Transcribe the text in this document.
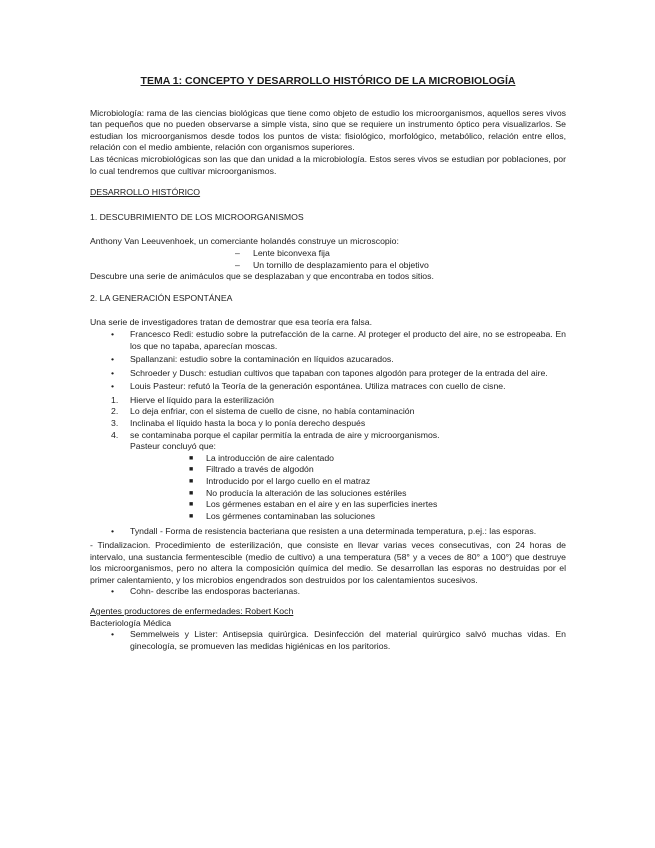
TEMA 1: CONCEPTO Y DESARROLLO HISTÓRICO DE LA MICROBIOLOGÍA

Microbiología: rama de las ciencias biológicas que tiene como objeto de estudio los microorganismos, aquellos seres vivos tan pequeños que no pueden observarse a simple vista, sino que se requiere un instrumento óptico pera visualizarlos. Se estudian los microorganismos desde todos los puntos de vista: fisiológico, morfológico, metabólico, relación entre ellos, relación con el medio ambiente, relación con organismos superiores.

Las técnicas microbiológicas son las que dan unidad a la microbiología. Estos seres vivos se estudian por poblaciones, por lo cual tendremos que cultivar microorganismos.

DESARROLLO HISTÓRICO

1. DESCUBRIMIENTO DE LOS MICROORGANISMOS

Anthony Van Leeuvenhoek, un comerciante holandés construye un microscopio:

– Lente biconvexa fija
– Un tornillo de desplazamiento para el objetivo

Descubre una serie de animáculos que se desplazaban y que encontraba en todos sitios.

2. LA GENERACIÓN ESPONTÁNEA

Una serie de investigadores tratan de demostrar que esa teoría era falsa.

• Francesco Redi: estudio sobre la putrefacción de la carne. Al proteger el producto del aire, no se estropeaba. En los que no tapaba, aparecían moscas.
• Spallanzani: estudio sobre la contaminación en líquidos azucarados.
• Schroeder y Dusch: estudian cultivos que tapaban con tapones algodón para proteger de la entrada del aire.
• Louis Pasteur: refutó la Teoría de la generación espontánea. Utiliza matraces con cuello de cisne.
1. Hierve el líquido para la esterilización
2. Lo deja enfriar, con el sistema de cuello de cisne, no había contaminación
3. Inclinaba el líquido hasta la boca y lo ponía derecho después
4. se contaminaba porque el capilar permitía la entrada de aire y microorganismos.

Pasteur concluyó que:

■ La introducción de aire calentado
■ Filtrado a través de algodón
■ Introducido por el largo cuello en el matraz
■ No producía la alteración de las soluciones estériles
■ Los gérmenes estaban en el aire y en las superficies inertes
■ Los gérmenes contaminaban las soluciones
• Tyndall - Forma de resistencia bacteriana que resisten a una determinada temperatura, p.ej.: las esporas.

- Tindalizacion. Procedimiento de esterilización, que consiste en llevar varias veces consecutivas, con 24 horas de intervalo, una sustancia fermentescible (medio de cultivo) a una temperatura (58° y a veces de 80° a 100°) que destruye los microorganismos, pero no altera la composición química del medio. Se desarrollan las esporas no destruidas por el primer calentamiento, y los microbios engendrados son destruidos por los calentamientos sucesivos.

• Cohn- describe las endosporas bacterianas.

Agentes productores de enfermedades: Robert Koch

Bacteriología Médica

• Semmelweis y Lister: Antisepsia quirúrgica. Desinfección del material quirúrgico salvó muchas vidas. En ginecología, se promueven las medidas higiénicas en los paritorios.
